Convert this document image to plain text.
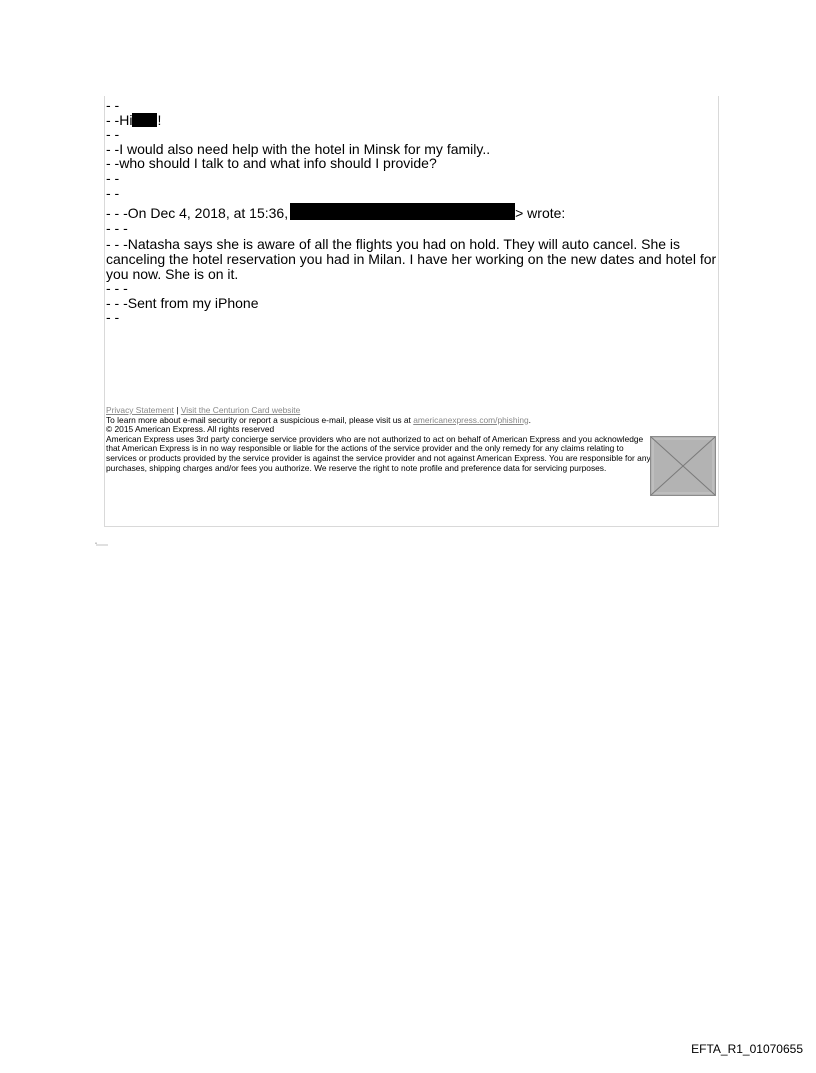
- -
- -Hi !
- -
- -I would also need help with the hotel in Minsk for my family..
- -who should I talk to and what info should I provide?
- -
- -
- - -On Dec 4, 2018, at 15:36,	> wrote:
- - -
- - -Natasha says she is aware of all the flights you had on hold. They will auto cancel. She is canceling the hotel reservation you had in Milan. I have her working on the new dates and hotel for you now. She is on it.
- - -
- - -Sent from my iPhone
- -
Privacy Statement | Visit the Centurion Card website
To learn more about e-mail security or report a suspicious e-mail, please visit us at americanexpress.com/phishing.
© 2015 American Express. All rights reserved
American Express uses 3rd party concierge service providers who are not authorized to act on behalf of American Express and you acknowledge that American Express is in no way responsible or liable for the actions of the service provider and the only remedy for any claims relating to services or products provided by the service provider is against the service provider and not against American Express. You are responsible for any purchases, shipping charges and/or fees you authorize. We reserve the right to note profile and preference data for servicing purposes.
EFTA_R1_01070655
